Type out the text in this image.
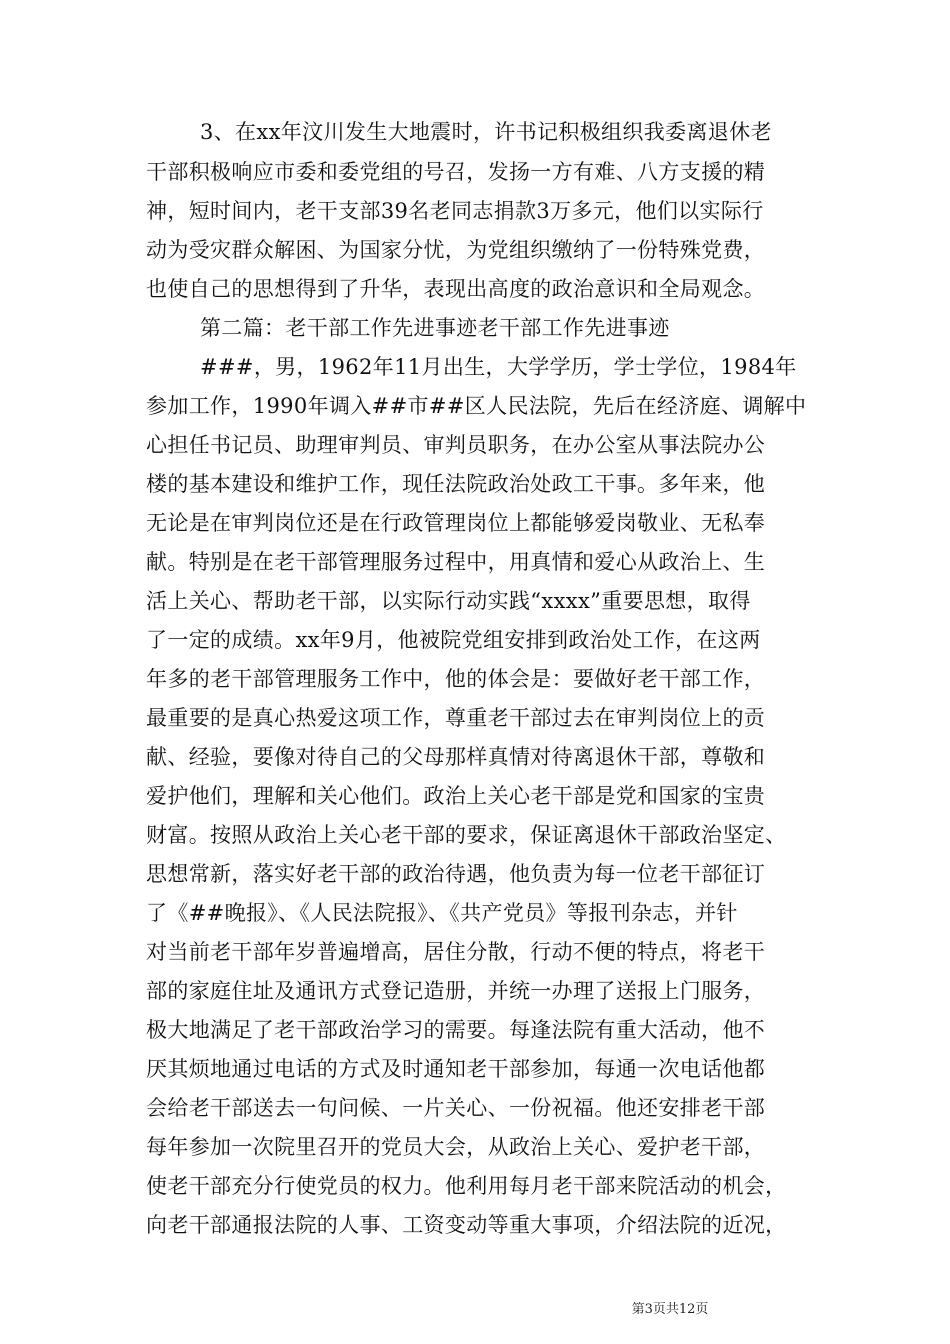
3、在xx年汶川发生大地震时，许书记积极组织我委离退休老
干部积极响应市委和委党组的号召，发扬一方有难、八方支援的精
神，短时间内，老干支部39名老同志捐款3万多元，他们以实际行
动为受灾群众解困、为国家分忧，为党组织缴纳了一份特殊党费，
也使自己的思想得到了升华，表现出高度的政治意识和全局观念。
第二篇：老干部工作先进事迹老干部工作先进事迹
###，男，1962年11月出生，大学学历，学士学位，1984年
参加工作，1990年调入##市##区人民法院，先后在经济庭、调解中
心担任书记员、助理审判员、审判员职务，在办公室从事法院办公
楼的基本建设和维护工作，现任法院政治处政工干事。多年来，他
无论是在审判岗位还是在行政管理岗位上都能够爱岗敬业、无私奉
献。特别是在老干部管理服务过程中，用真情和爱心从政治上、生
活上关心、帮助老干部，以实际行动实践“xxxx”重要思想，取得
了一定的成绩。xx年9月，他被院党组安排到政治处工作，在这两
年多的老干部管理服务工作中，他的体会是：要做好老干部工作，
最重要的是真心热爱这项工作，尊重老干部过去在审判岗位上的贡
献、经验，要像对待自己的父母那样真情对待离退休干部，尊敬和
爱护他们，理解和关心他们。政治上关心老干部是党和国家的宝贵
财富。按照从政治上关心老干部的要求，保证离退休干部政治坚定、
思想常新，落实好老干部的政治待遇，他负责为每一位老干部征订
了《##晚报》、《人民法院报》、《共产党员》等报刊杂志，并针
对当前老干部年岁普遍增高，居住分散，行动不便的特点，将老干
部的家庭住址及通讯方式登记造册，并统一办理了送报上门服务，
极大地满足了老干部政治学习的需要。每逢法院有重大活动，他不
厌其烦地通过电话的方式及时通知老干部参加，每通一次电话他都
会给老干部送去一句问候、一片关心、一份祝福。他还安排老干部
每年参加一次院里召开的党员大会，从政治上关心、爱护老干部，
使老干部充分行使党员的权力。他利用每月老干部来院活动的机会，
向老干部通报法院的人事、工资变动等重大事项，介绍法院的近况，
第3页共12页
